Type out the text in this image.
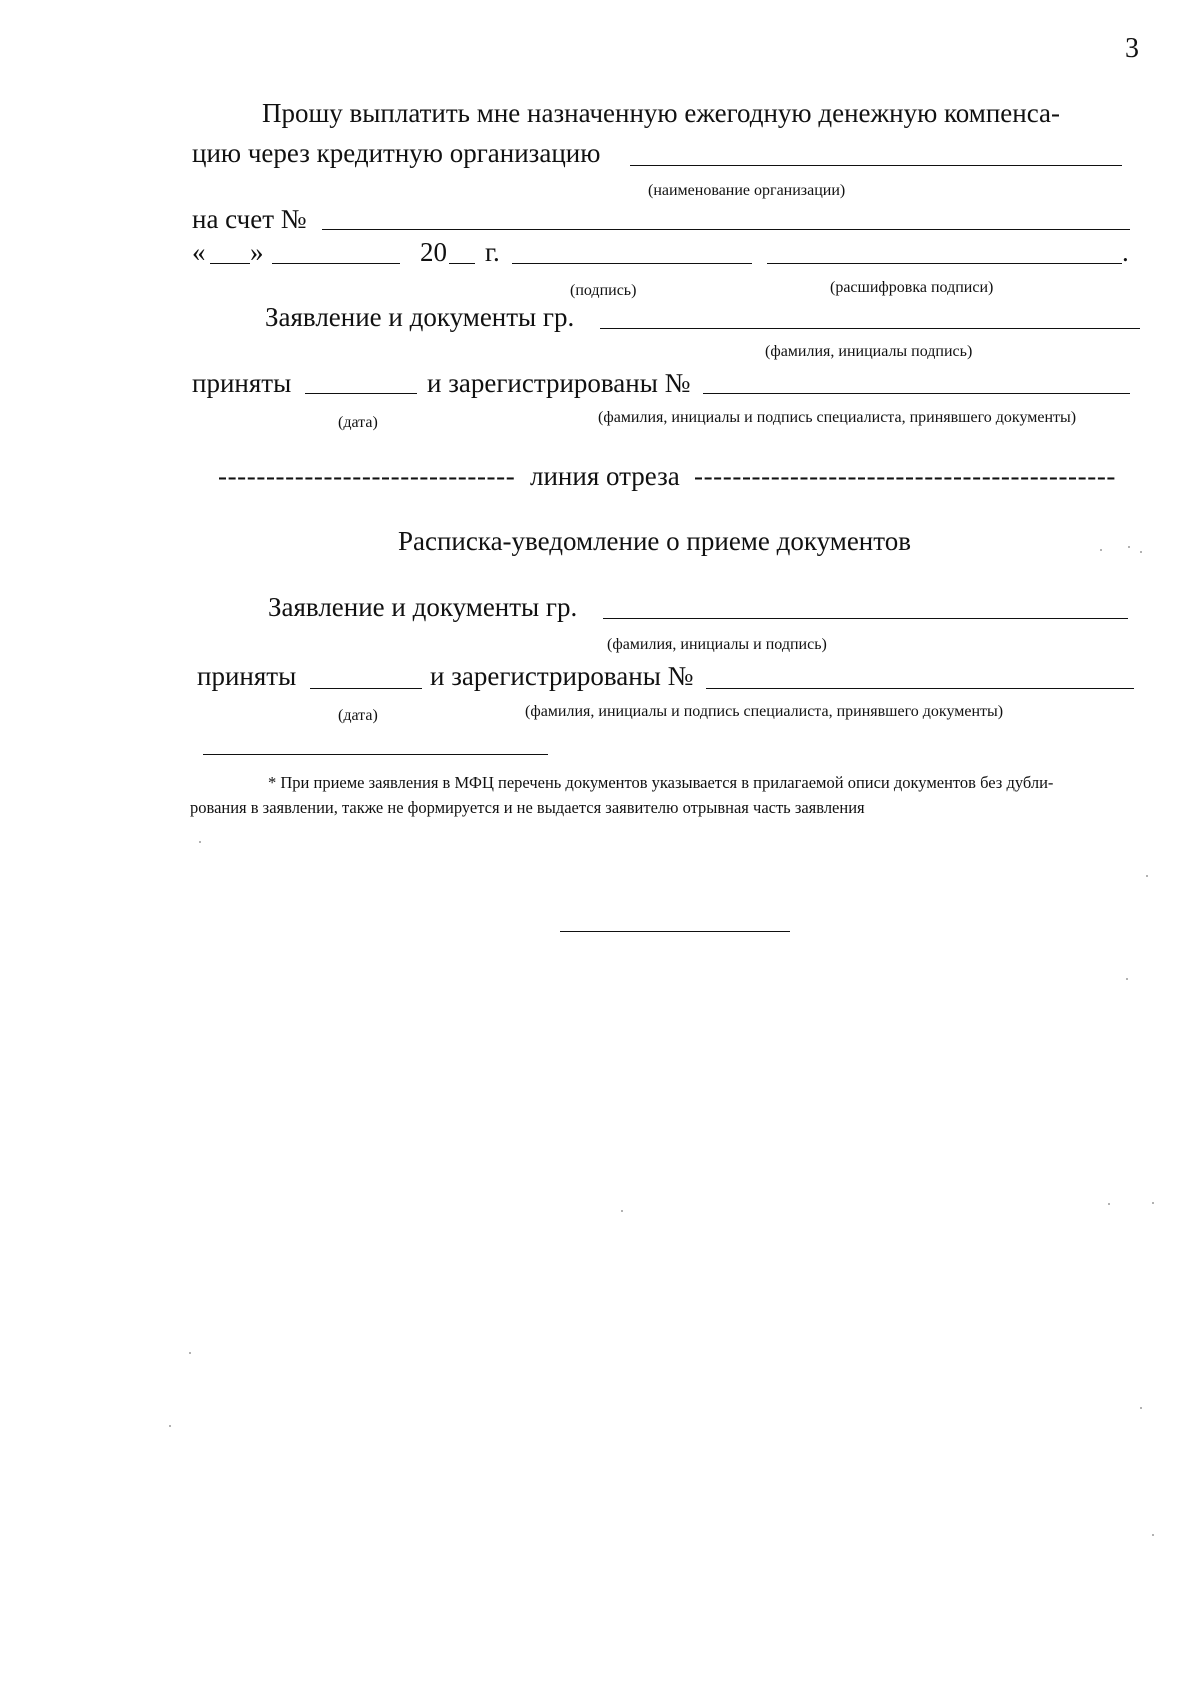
3
Прошу выплатить мне назначенную ежегодную денежную компенса-
цию через кредитную организацию
(наименование организации)
на счет №
« »	20 г.	.
(подпись)	(расшифровка подписи)
Заявление и документы гр.
(фамилия, инициалы подпись)
приняты	и зарегистрированы №
(дата)	(фамилия, инициалы и подпись специалиста, принявшего документы)
------------------------------- линия отреза --------------------------------------------
Расписка-уведомление о приеме документов
Заявление и документы гр.
(фамилия, инициалы и подпись)
приняты	и зарегистрированы №
(дата)	(фамилия, инициалы и подпись специалиста, принявшего документы)
* При приеме заявления в МФЦ перечень документов указывается в прилагаемой описи документов без дубли-
рования в заявлении, также не формируется и не выдается заявителю отрывная часть заявления
